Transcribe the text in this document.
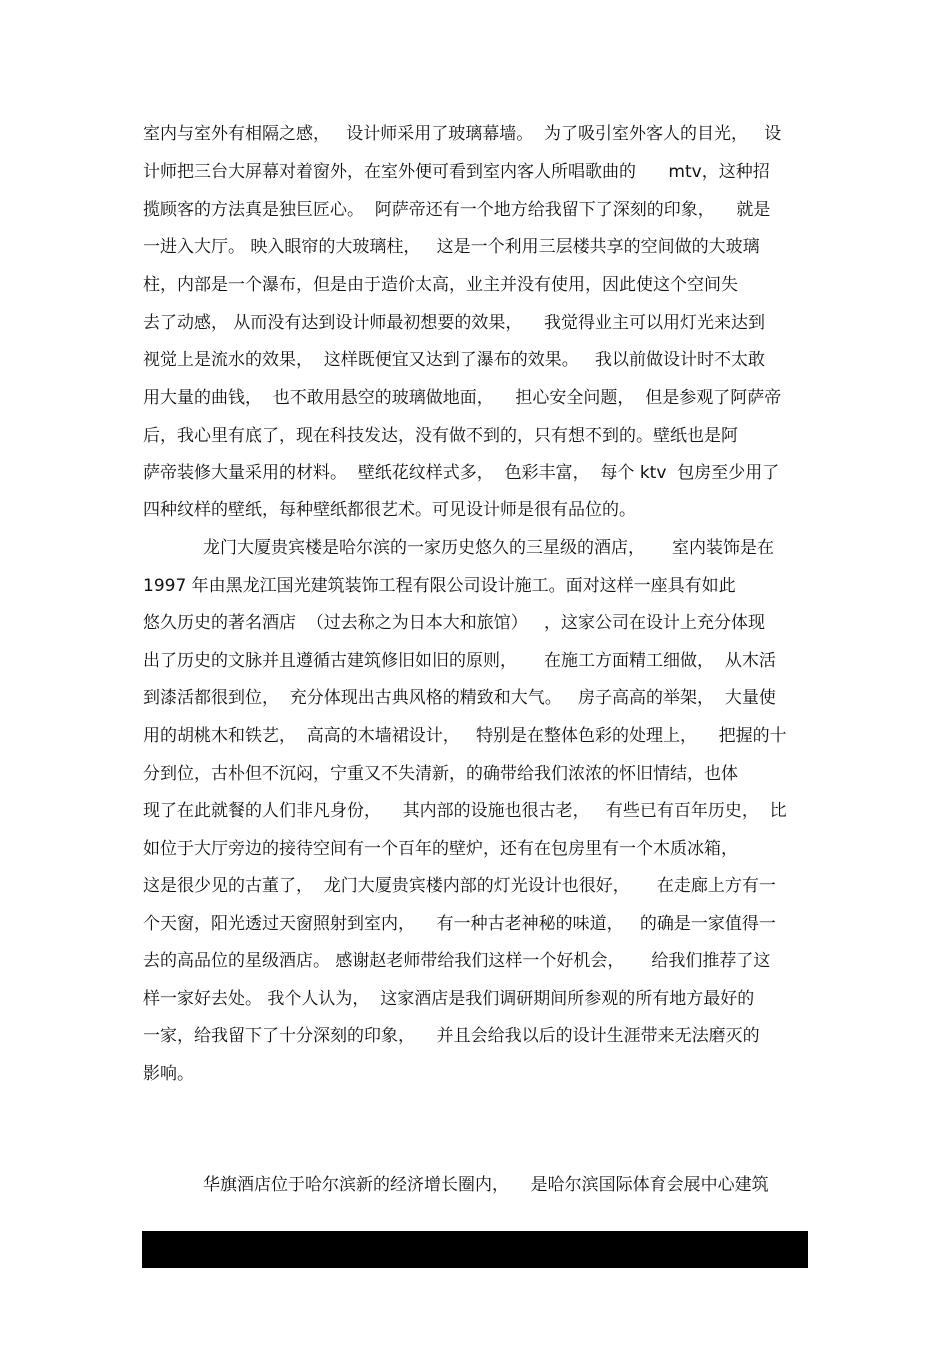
室内与室外有相隔之感，   设计师采用了玻璃幕墙。  为了吸引室外客人的目光，   设
计师把三台大屏幕对着窗外，在室外便可看到室内客人所唱歌曲的      mtv，这种招
揽顾客的方法真是独巨匠心。  阿萨帝还有一个地方给我留下了深刻的印象，    就是
一进入大厅。 映入眼帘的大玻璃柱，   这是一个利用三层楼共享的空间做的大玻璃
柱，内部是一个瀑布，但是由于造价太高，业主并没有使用，因此使这个空间失
去了动感， 从而没有达到设计师最初想要的效果，    我觉得业主可以用灯光来达到
视觉上是流水的效果，  这样既便宜又达到了瀑布的效果。   我以前做设计时不太敢
用大量的曲钱，  也不敢用悬空的玻璃做地面，    担心安全问题，  但是参观了阿萨帝
后，我心里有底了，现在科技发达，没有做不到的，只有想不到的。壁纸也是阿
萨帝装修大量采用的材料。  壁纸花纹样式多，  色彩丰富，  每个 ktv  包房至少用了
四种纹样的壁纸，每种壁纸都很艺术。可见设计师是很有品位的。
龙门大厦贵宾楼是哈尔滨的一家历史悠久的三星级的酒店，     室内装饰是在
1997 年由黑龙江国光建筑装饰工程有限公司设计施工。面对这样一座具有如此
悠久历史的著名酒店  （过去称之为日本大和旅馆）   ，这家公司在设计上充分体现
出了历史的文脉并且遵循古建筑修旧如旧的原则，     在施工方面精工细做，  从木活
到漆活都很到位，  充分体现出古典风格的精致和大气。   房子高高的举架，  大量使
用的胡桃木和铁艺，  高高的木墙裙设计，   特别是在整体色彩的处理上，    把握的十
分到位，古朴但不沉闷，宁重又不失清新，的确带给我们浓浓的怀旧情结，也体
现了在此就餐的人们非凡身份，    其内部的设施也很古老，   有些已有百年历史，  比
如位于大厅旁边的接待空间有一个百年的壁炉，还有在包房里有一个木质冰箱，
这是很少见的古董了，  龙门大厦贵宾楼内部的灯光设计也很好，     在走廊上方有一
个天窗，阳光透过天窗照射到室内，    有一种古老神秘的味道，   的确是一家值得一
去的高品位的星级酒店。 感谢赵老师带给我们这样一个好机会，     给我们推荐了这
样一家好去处。 我个人认为，  这家酒店是我们调研期间所参观的所有地方最好的
一家，给我留下了十分深刻的印象，    并且会给我以后的设计生涯带来无法磨灭的
影响。
华旗酒店位于哈尔滨新的经济增长圈内，    是哈尔滨国际体育会展中心建筑
